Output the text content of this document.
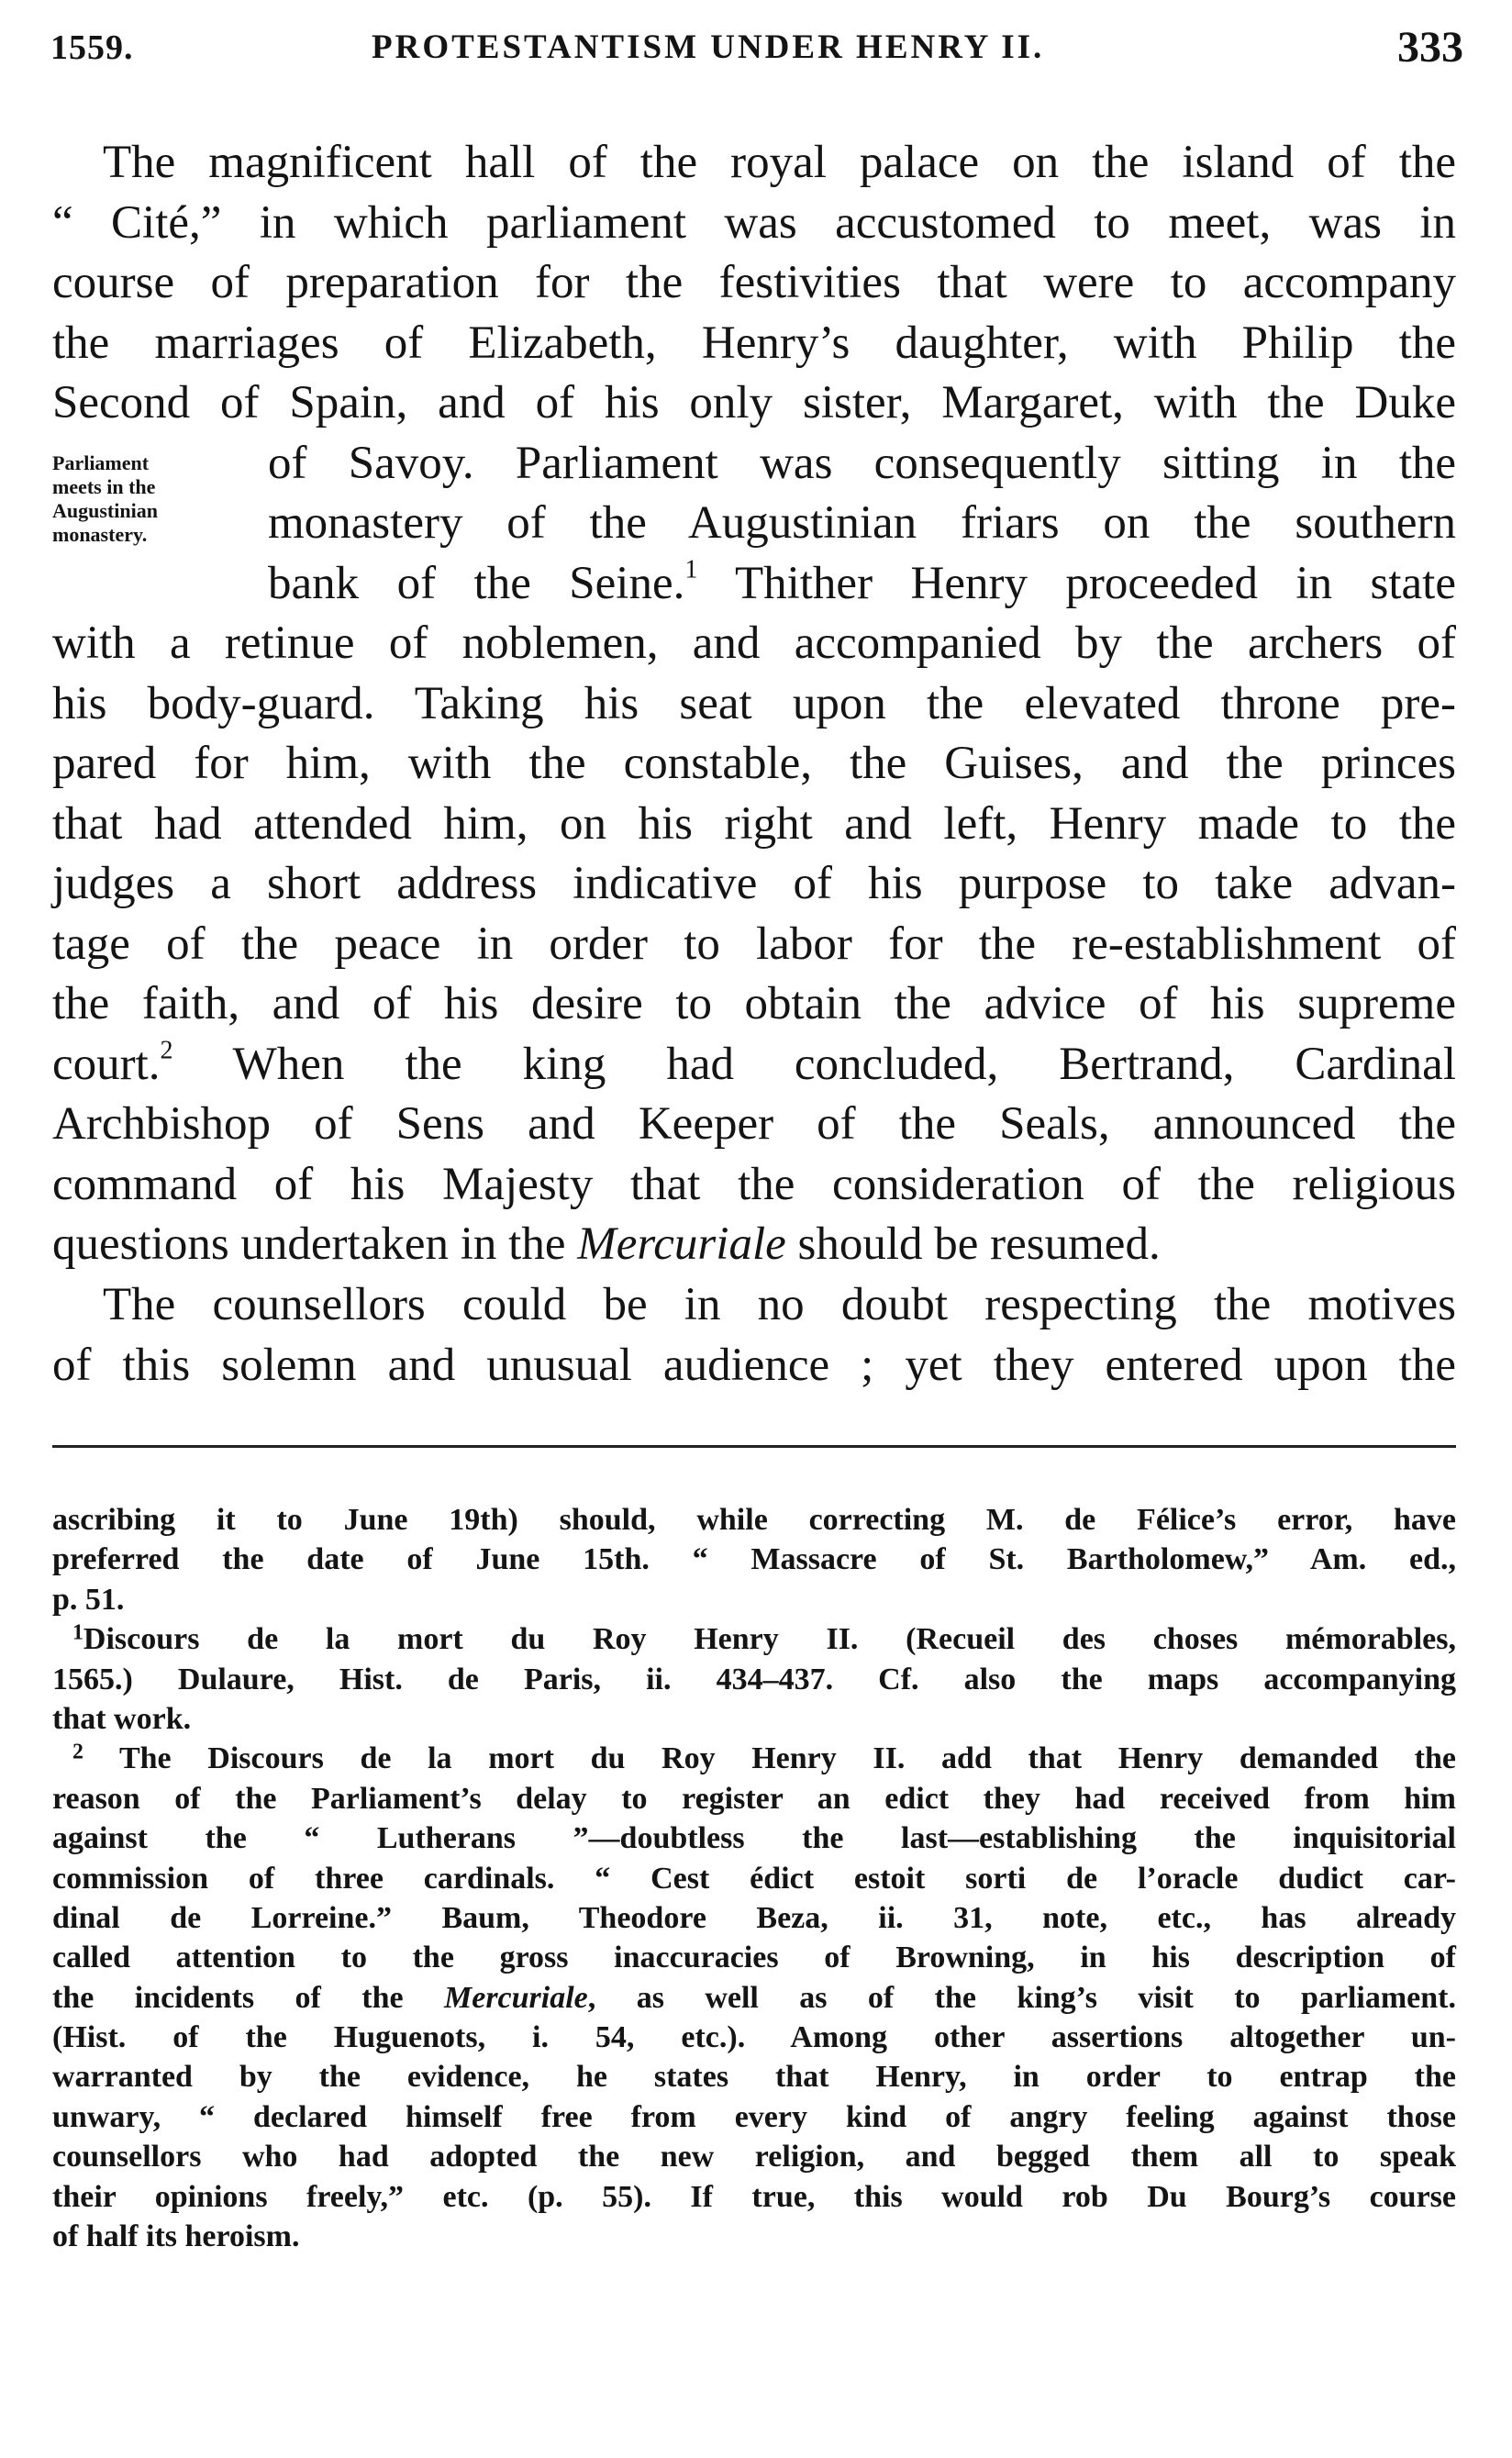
1559.	PROTESTANTISM UNDER HENRY II.	333
Parliament
meets in the
Augustinian
monastery.
The magnificent hall of the royal palace on the island of the
“ Cité,” in which parliament was accustomed to meet, was in
course of preparation for the festivities that were to accompany
the marriages of Elizabeth, Henry’s daughter, with Philip the
Second of Spain, and of his only sister, Margaret, with the Duke
of Savoy. Parliament was consequently sitting in the
monastery of the Augustinian friars on the southern
bank of the Seine.$^1$ Thither Henry proceeded in state
with a retinue of noblemen, and accompanied by the archers of
his body-guard. Taking his seat upon the elevated throne pre-
pared for him, with the constable, the Guises, and the princes
that had attended him, on his right and left, Henry made to the
judges a short address indicative of his purpose to take advan-
tage of the peace in order to labor for the re-establishment of
the faith, and of his desire to obtain the advice of his supreme
court.$^2$ When the king had concluded, Bertrand, Cardinal
Archbishop of Sens and Keeper of the Seals, announced the
command of his Majesty that the consideration of the religious
questions undertaken in the Mercuriale should be resumed.
The counsellors could be in no doubt respecting the motives
of this solemn and unusual audience ; yet they entered upon the
ascribing it to June 19th) should, while correcting M. de Félice’s error, have
preferred the date of June 15th. “ Massacre of St. Bartholomew,” Am. ed.,
p. 51.
$^1$Discours de la mort du Roy Henry II. (Recueil des choses mémorables,
1565.) Dulaure, Hist. de Paris, ii. 434–437. Cf. also the maps accompanying
that work.
$^2$ The Discours de la mort du Roy Henry II. add that Henry demanded the
reason of the Parliament’s delay to register an edict they had received from him
against the “ Lutherans ”—doubtless the last—establishing the inquisitorial
commission of three cardinals. “ Cest édict estoit sorti de l’oracle dudict car-
dinal de Lorreine.” Baum, Theodore Beza, ii. 31, note, etc., has already
called attention to the gross inaccuracies of Browning, in his description of
the incidents of the Mercuriale, as well as of the king’s visit to parliament.
(Hist. of the Huguenots, i. 54, etc.). Among other assertions altogether un-
warranted by the evidence, he states that Henry, in order to entrap the
unwary, “ declared himself free from every kind of angry feeling against those
counsellors who had adopted the new religion, and begged them all to speak
their opinions freely,” etc. (p. 55). If true, this would rob Du Bourg’s course
of half its heroism.
